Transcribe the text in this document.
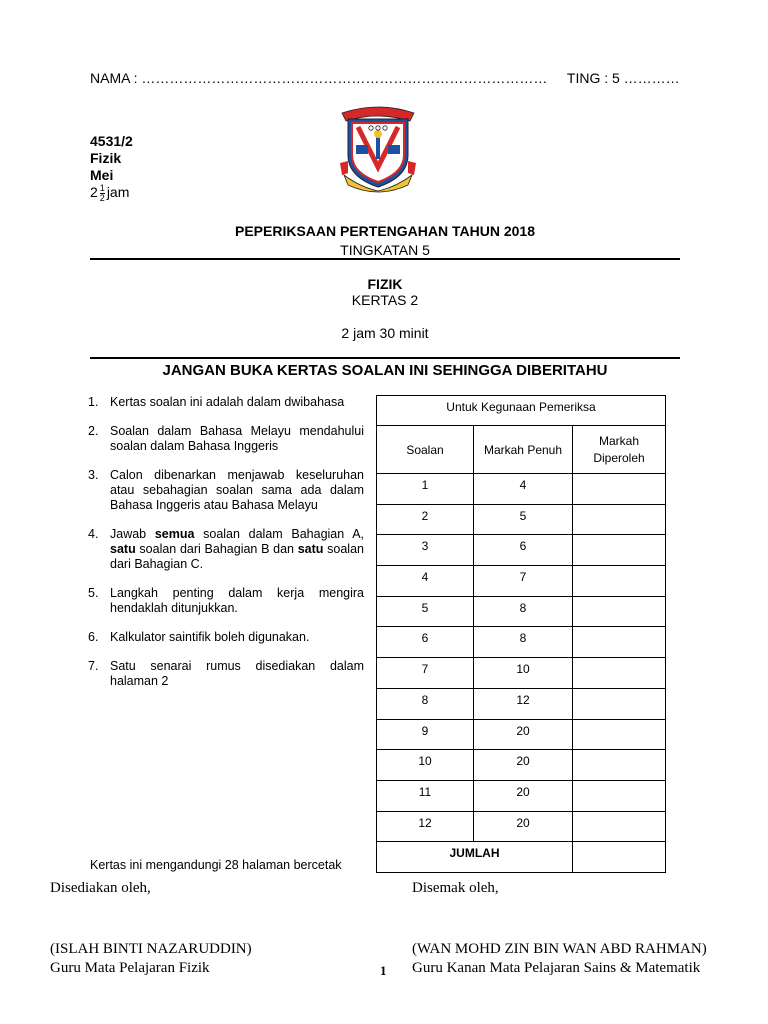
NAMA : …………………………………………………………………………… TING : 5 …………
4531/2
Fizik
Mei
$2 \frac{1}{2}$ jam
PEPERIKSAAN PERTENGAHAN TAHUN 2018
TINGKATAN 5
FIZIK
KERTAS 2
2 jam 30 minit
JANGAN BUKA KERTAS SOALAN INI SEHINGGA DIBERITAHU
1. Kertas soalan ini adalah dalam dwibahasa
2. Soalan dalam Bahasa Melayu mendahului soalan dalam Bahasa Inggeris
3. Calon dibenarkan menjawab keseluruhan atau sebahagian soalan sama ada dalam Bahasa Inggeris atau Bahasa Melayu
4. Jawab semua soalan dalam Bahagian A, satu soalan dari Bahagian B dan satu soalan dari Bahagian C.
5. Langkah penting dalam kerja mengira hendaklah ditunjukkan.
6. Kalkulator saintifik boleh digunakan.
7. Satu senarai rumus disediakan dalam halaman 2
Untuk Kegunaan Pemeriksa		
Soalan	Markah Penuh	Markah
Diperoleh
1	4	
2	5	
3	6	
4	7	
5	8	
6	8	
7	10	
8	12	
9	20	
10	20	
11	20	
12	20	
JUMLAH		
Kertas ini mengandungi 28 halaman bercetak
Disediakan oleh,	Disemak oleh,
(ISLAH BINTI NAZARUDDIN)
Guru Mata Pelajaran Fizik
(WAN MOHD ZIN BIN WAN ABD RAHMAN)
Guru Kanan Mata Pelajaran Sains & Matematik
1
